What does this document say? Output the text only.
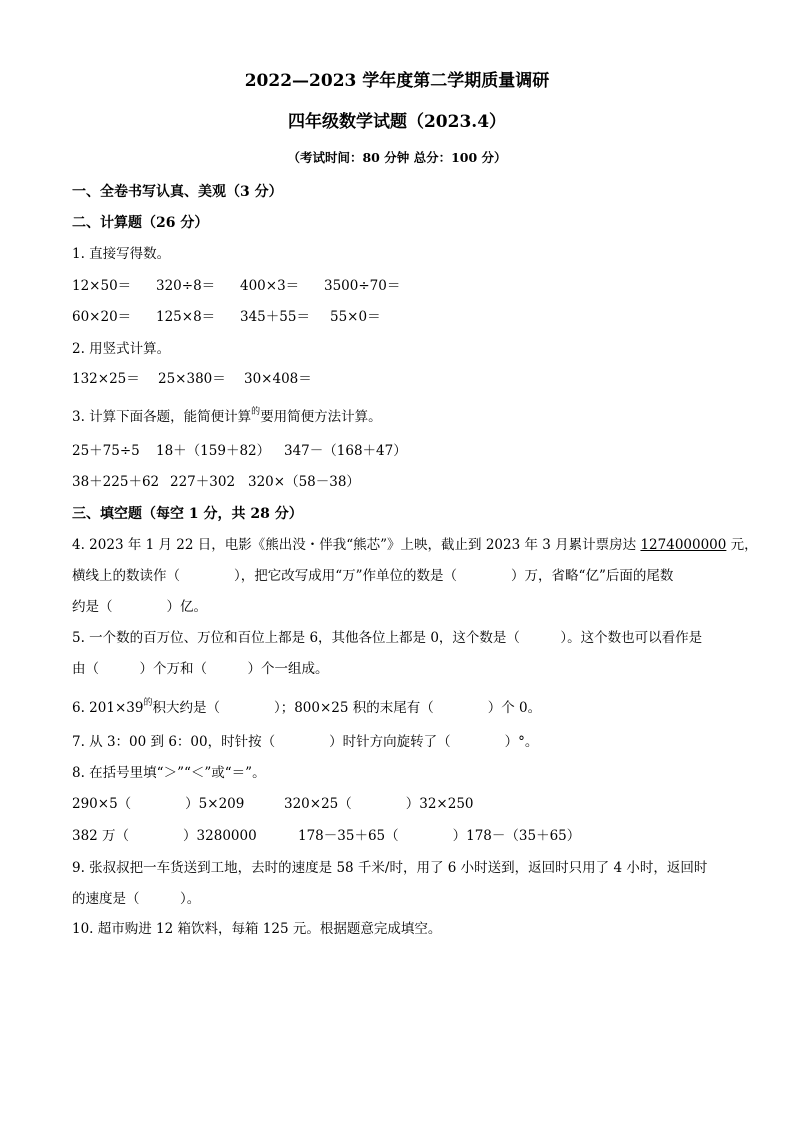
2022—2023 学年度第二学期质量调研
四年级数学试题（2023.4）
（考试时间：80 分钟 总分：100 分）
一、全卷书写认真、美观（3 分）
二、计算题（26 分）
1. 直接写得数。
12×50＝ 320÷8＝ 400×3＝ 3500÷70＝
60×20＝ 125×8＝ 345＋55＝ 55×0＝
2. 用竖式计算。
132×25＝ 25×380＝ 30×408＝
3. 计算下面各题，能简便计算$^的$要用简便方法计算。
25＋75÷5 18＋（159＋82） 347－（168＋47）
38＋225＋62 227＋302 320×（58－38）
三、填空题（每空 1 分，共 28 分）
4. 2023 年 1 月 22 日，电影《熊出没・伴我“熊芯”》上映，截止到 2023 年 3 月累计票房达 1274000000 元，
横线上的数读作（　　　　），把它改写成用“万”作单位的数是（　　　　）万，省略“亿”后面的尾数
约是（　　　　）亿。
5. 一个数的百万位、万位和百位上都是 6，其他各位上都是 0，这个数是（　　　）。这个数也可以看作是
由（　　　）个万和（　　　）个一组成。
6. $201\times 39^的$积大约是（　　　　）；800×25 积的末尾有（　　　　）个 0。
7. 从 3：00 到 6：00，时针按（　　　　）时针方向旋转了（　　　　）°。
8. 在括号里填“＞”“＜”或“＝”。
290×5（　　　　）5×209	320×25（　　　　）32×250
382 万（　　　　）3280000	178－35＋65（　　　　）178－（35＋65）
9. 张叔叔把一车货送到工地，去时的速度是 58 千米/时，用了 6 小时送到，返回时只用了 4 小时，返回时
的速度是（　　　）。
10. 超市购进 12 箱饮料，每箱 125 元。根据题意完成填空。
